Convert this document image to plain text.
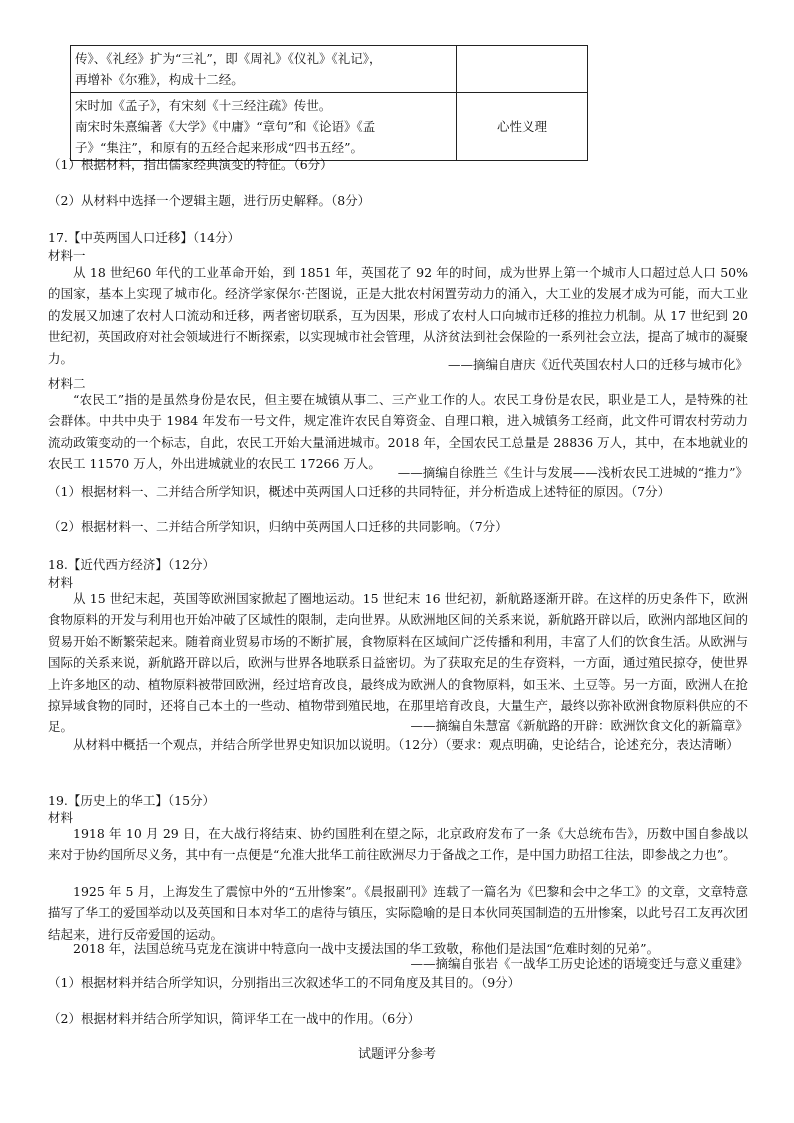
传》、《礼经》扩为“三礼”，即《周礼》《仪礼》《礼记》，
再增补《尔雅》，构成十二经。	

宋时加《孟子》，有宋刻《十三经注疏》传世。
南宋时朱熹编著《大学》《中庸》“章句”和《论语》《孟
子》“集注”，和原有的五经合起来形成“四书五经”。	心性义理
（1）根据材料，指出儒家经典演变的特征。（6分）
（2）从材料中选择一个逻辑主题，进行历史解释。（8分）
17.【中英两国人口迁移】（14分）
材料一
从 18 世纪60 年代的工业革命开始，到 1851 年，英国花了 92 年的时间，成为世界上第一个城市人口超过总人口 50% 的国家，基本上实现了城市化。经济学家保尔·芒图说，正是大批农村闲置劳动力的涌入，大工业的发展才成为可能，而大工业的发展又加速了农村人口流动和迁移，两者密切联系，互为因果，形成了农村人口向城市迁移的推拉力机制。从 17 世纪到 20 世纪初，英国政府对社会领域进行不断探索，以实现城市社会管理，从济贫法到社会保险的一系列社会立法，提高了城市的凝聚力。	——摘编自唐庆《近代英国农村人口的迁移与城市化》
材料二
“农民工”指的是虽然身份是农民，但主要在城镇从事二、三产业工作的人。农民工身份是农民，职业是工人，是特殊的社会群体。中共中央于 1984 年发布一号文件，规定准许农民自筹资金、自理口粮，进入城镇务工经商，此文件可谓农村劳动力流动政策变动的一个标志，自此，农民工开始大量涌进城市。2018 年，全国农民工总量是 28836 万人，其中，在本地就业的农民工 11570 万人，外出进城就业的农民工 17266 万人。
——摘编自徐胜兰《生计与发展——浅析农民工进城的“推力”》
（1）根据材料一、二并结合所学知识，概述中英两国人口迁移的共同特征，并分析造成上述特征的原因。（7分）
（2）根据材料一、二并结合所学知识，归纳中英两国人口迁移的共同影响。（7分）
18.【近代西方经济】（12分）
材料
从 15 世纪末起，英国等欧洲国家掀起了圈地运动。15 世纪末 16 世纪初，新航路逐渐开辟。在这样的历史条件下，欧洲食物原料的开发与利用也开始冲破了区域性的限制，走向世界。从欧洲地区间的关系来说，新航路开辟以后，欧洲内部地区间的贸易开始不断繁荣起来。随着商业贸易市场的不断扩展，食物原料在区域间广泛传播和利用，丰富了人们的饮食生活。从欧洲与国际的关系来说，新航路开辟以后，欧洲与世界各地联系日益密切。为了获取充足的生存资料，一方面，通过殖民掠夺，使世界上许多地区的动、植物原料被带回欧洲，经过培育改良，最终成为欧洲人的食物原料，如玉米、土豆等。另一方面，欧洲人在抢掠异域食物的同时，还将自己本土的一些动、植物带到殖民地，在那里培育改良，大量生产，最终以弥补欧洲食物原料供应的不足。	——摘编自朱慧富《新航路的开辟：欧洲饮食文化的新篇章》
从材料中概括一个观点，并结合所学世界史知识加以说明。（12分）（要求：观点明确，史论结合，论述充分，表达清晰）
19.【历史上的华工】（15分）
材料
1918 年 10 月 29 日，在大战行将结束、协约国胜利在望之际，北京政府发布了一条《大总统布告》，历数中国自参战以来对于协约国所尽义务，其中有一点便是“允准大批华工前往欧洲尽力于备战之工作，是中国力助招工往法，即参战之力也”。
1925 年 5 月，上海发生了震惊中外的“五卅惨案”。《晨报副刊》连载了一篇名为《巴黎和会中之华工》的文章，文章特意描写了华工的爱国举动以及英国和日本对华工的虐待与镇压，实际隐喻的是日本伙同英国制造的五卅惨案，以此号召工友再次团结起来，进行反帝爱国的运动。
2018 年，法国总统马克龙在演讲中特意向一战中支援法国的华工致敬，称他们是法国“危难时刻的兄弟”。
——摘编自张岩《一战华工历史论述的语境变迁与意义重建》
（1）根据材料并结合所学知识，分别指出三次叙述华工的不同角度及其目的。（9分）
（2）根据材料并结合所学知识，简评华工在一战中的作用。（6分）
试题评分参考
